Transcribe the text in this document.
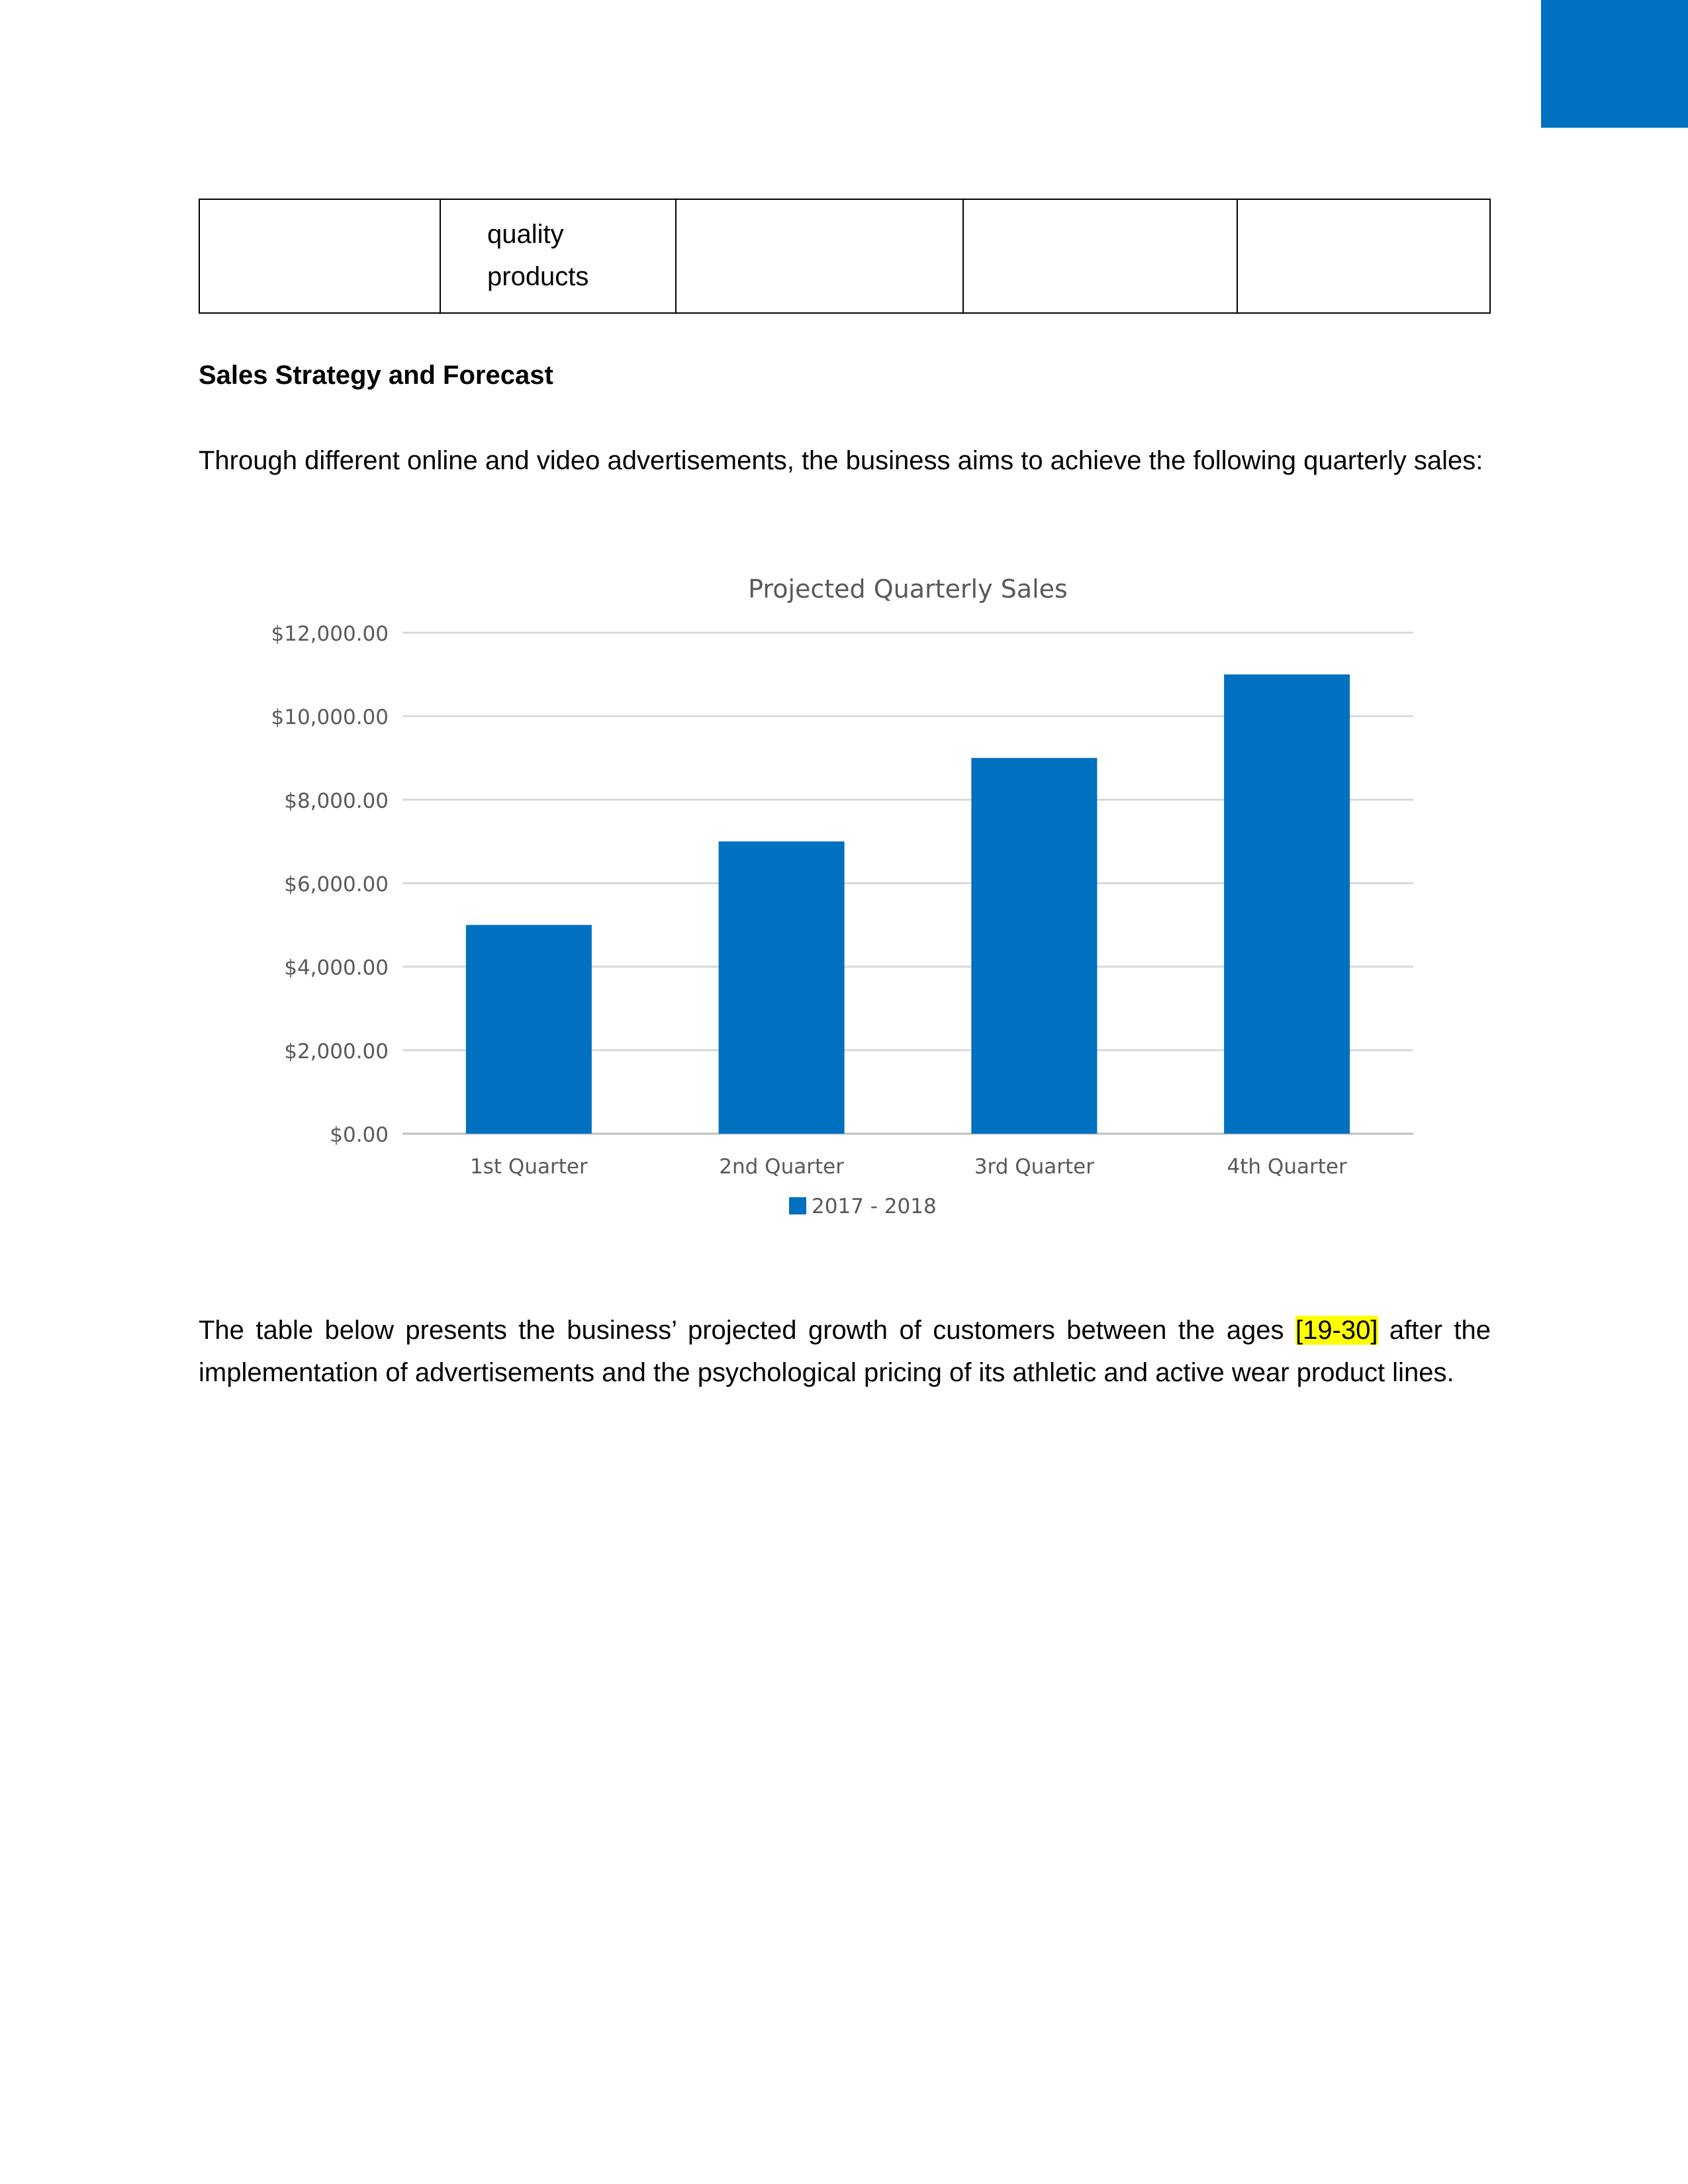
quality
products

Sales Strategy and Forecast

Through different online and video advertisements, the business aims to achieve the following quarterly sales:

Projected Quarterly Sales
$0.00
$2,000.00
$4,000.00
$6,000.00
$8,000.00
$10,000.00
$12,000.00
1st Quarter	2nd Quarter	3rd Quarter	4th Quarter
2017 - 2018

The table below presents the business’ projected growth of customers between the ages [19-30] after the implementation of advertisements and the psychological pricing of its athletic and active wear product lines.
